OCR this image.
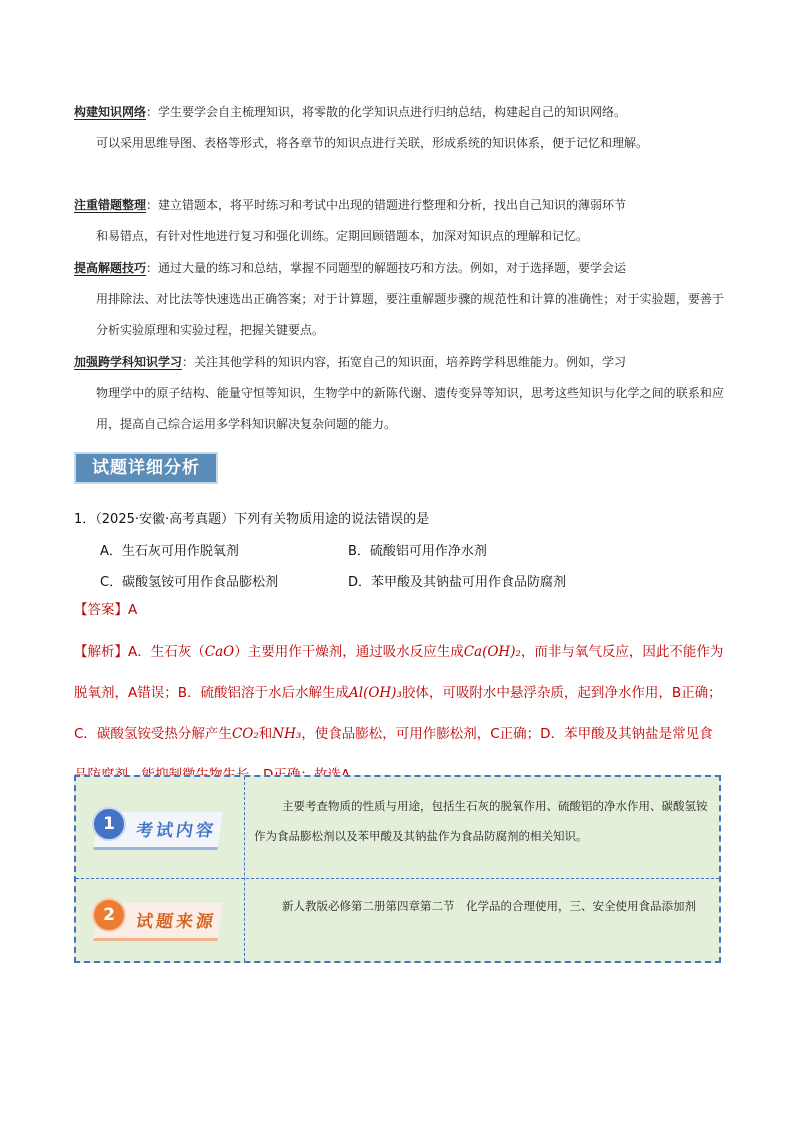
构建知识网络：学生要学会自主梳理知识，将零散的化学知识点进行归纳总结，构建起自己的知识网络。
可以采用思维导图、表格等形式，将各章节的知识点进行关联，形成系统的知识体系，便于记忆和理解。
注重错题整理：建立错题本，将平时练习和考试中出现的错题进行整理和分析，找出自己知识的薄弱环节
和易错点，有针对性地进行复习和强化训练。定期回顾错题本，加深对知识点的理解和记忆。
提高解题技巧：通过大量的练习和总结，掌握不同题型的解题技巧和方法。例如，对于选择题，要学会运
用排除法、对比法等快速选出正确答案；对于计算题，要注重解题步骤的规范性和计算的准确性；对于实验题，要善于分析实验原理和实验过程，把握关键要点。
加强跨学科知识学习：关注其他学科的知识内容，拓宽自己的知识面，培养跨学科思维能力。例如，学习
物理学中的原子结构、能量守恒等知识，生物学中的新陈代谢、遗传变异等知识，思考这些知识与化学之间的联系和应用，提高自己综合运用多学科知识解决复杂问题的能力。
试题详细分析
1．（2025·安徽·高考真题）下列有关物质用途的说法错误的是
A．生石灰可用作脱氧剂	B．硫酸铝可用作净水剂
C．碳酸氢铵可用作食品膨松剂	D．苯甲酸及其钠盐可用作食品防腐剂
【答案】A
【解析】A．生石灰（CaO）主要用作干燥剂，通过吸水反应生成Ca(OH)₂，而非与氧气反应，因此不能作为脱氧剂，A错误；B．硫酸铝溶于水后水解生成Al(OH)₃胶体，可吸附水中悬浮杂质，起到净水作用，B正确；C．碳酸氢铵受热分解产生CO₂和NH₃，使食品膨松，可用作膨松剂，C正确；D．苯甲酸及其钠盐是常见食
主要考查物质的性质与用途，包括生石灰的脱氧作用、硫酸铝的净水作用、碳酸氢铵作为食品膨松剂以及苯甲酸及其钠盐作为食品防腐剂的相关知识。
新人教版必修第二册第四章第二节　化学品的合理使用，三、安全使用食品添加剂
考试内容
1
试题来源
2
